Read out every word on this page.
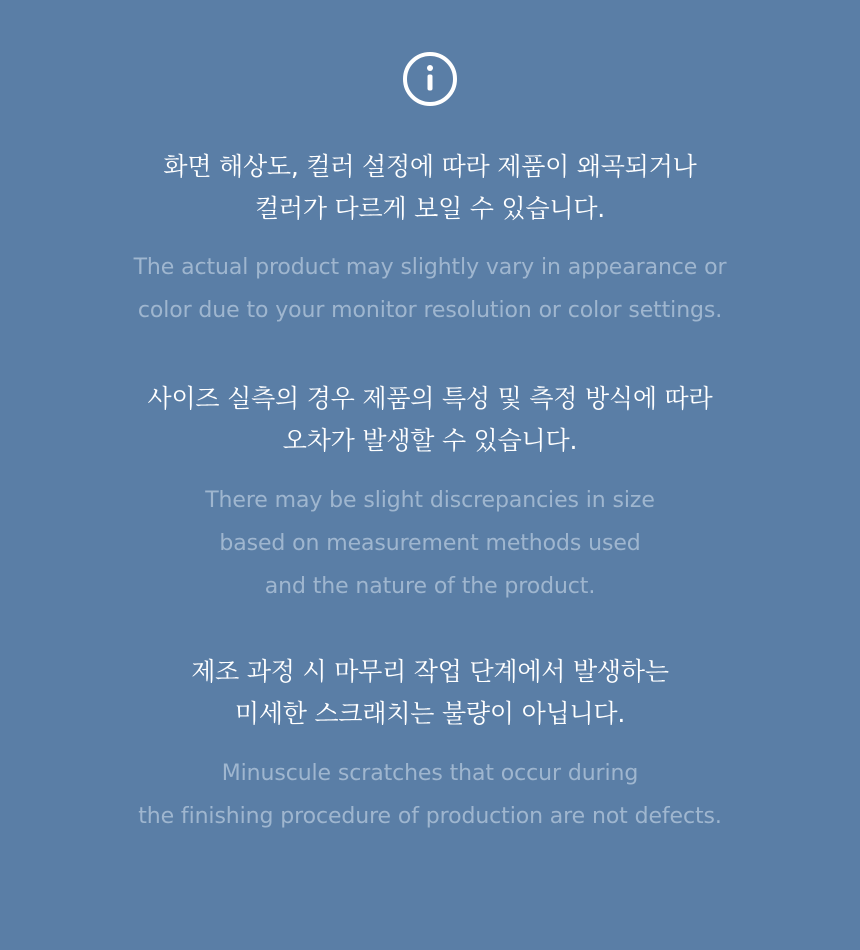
화면 해상도, 컬러 설정에 따라 제품이 왜곡되거나
컬러가 다르게 보일 수 있습니다.

The actual product may slightly vary in appearance or
color due to your monitor resolution or color settings.

사이즈 실측의 경우 제품의 특성 및 측정 방식에 따라
오차가 발생할 수 있습니다.

There may be slight discrepancies in size
based on measurement methods used
and the nature of the product.

제조 과정 시 마무리 작업 단계에서 발생하는
미세한 스크래치는 불량이 아닙니다.

Minuscule scratches that occur during
the finishing procedure of production are not defects.
